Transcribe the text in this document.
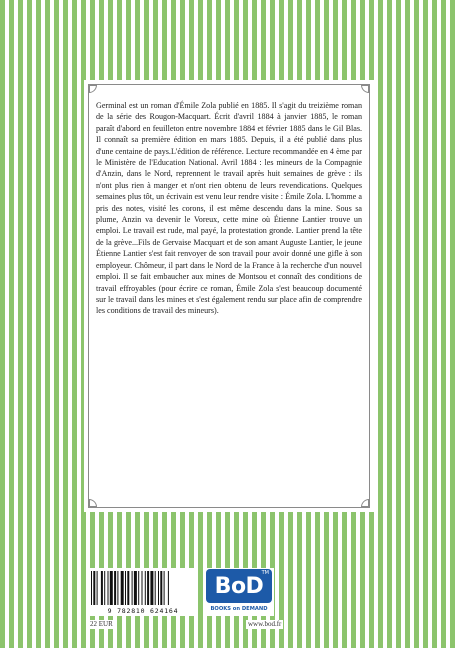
Germinal est un roman d'Émile Zola publié en 1885. Il s'agit du treizième roman de la série des Rougon-Macquart. Écrit d'avril 1884 à janvier 1885, le roman paraît d'abord en feuilleton entre novembre 1884 et février 1885 dans le Gil Blas. Il connaît sa première édition en mars 1885. Depuis, il a été publié dans plus d'une centaine de pays.L'édition de référence. Lecture recommandée en 4 ème par le Ministère de l'Education National. Avril 1884 : les mineurs de la Compagnie d'Anzin, dans le Nord, reprennent le travail après huit semaines de grève : ils n'ont plus rien à manger et n'ont rien obtenu de leurs revendications. Quelques semaines plus tôt, un écrivain est venu leur rendre visite : Émile Zola. L'homme a pris des notes, visité les corons, il est même descendu dans la mine. Sous sa plume, Anzin va devenir le Voreux, cette mine où Étienne Lantier trouve un emploi. Le travail est rude, mal payé, la protestation gronde. Lantier prend la tête de la grève...Fils de Gervaise Macquart et de son amant Auguste Lantier, le jeune Étienne Lantier s'est fait renvoyer de son travail pour avoir donné une gifle à son employeur. Chômeur, il part dans le Nord de la France à la recherche d'un nouvel emploi. Il se fait embaucher aux mines de Montsou et connaît des conditions de travail effroyables (pour écrire ce roman, Émile Zola s'est beaucoup documenté sur le travail dans les mines et s'est également rendu sur place afin de comprendre les conditions de travail des mineurs).

9 782810 624164
BoD
TM
BOOKS on DEMAND
22 EUR	www.bod.fr
